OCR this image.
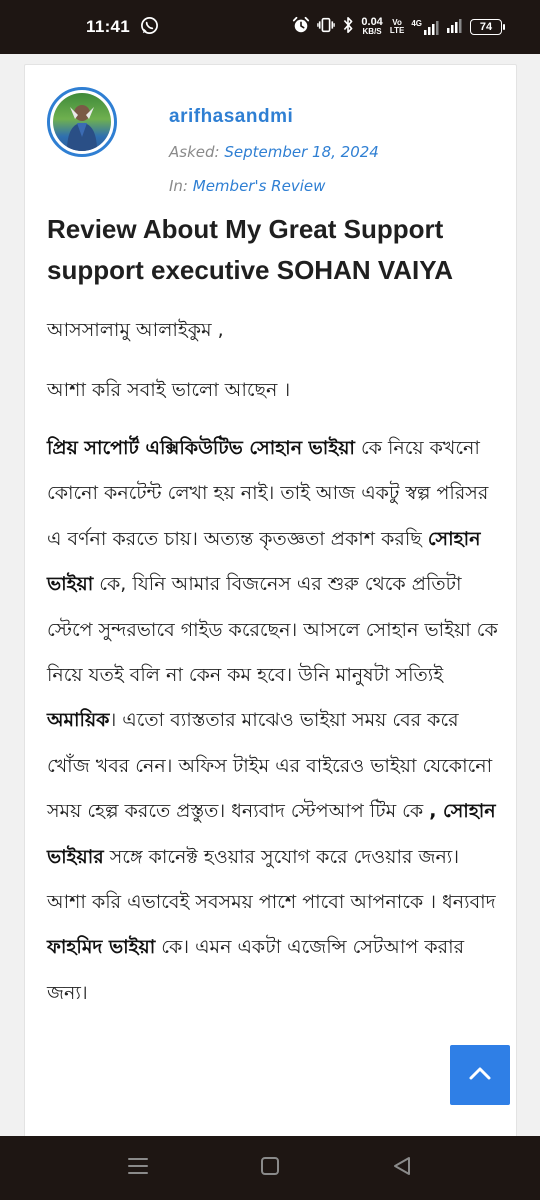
11:41	0.04
KB/S
Vo
LTE
4G	74
arifhasandmi
Asked: September 18, 2024
In: Member's Review
Review About My Great Support support executive SOHAN VAIYA

আসসালামু আলাইকুম ,

আশা করি সবাই ভালো আছেন ।

প্রিয় সাপোর্ট এক্সিকিউটিভ সোহান ভাইয়া কে নিয়ে কখনো কোনো কনটেন্ট লেখা হয় নাই। তাই আজ একটু স্বল্প পরিসর এ বর্ণনা করতে চায়। অত্যন্ত কৃতজ্ঞতা প্রকাশ করছি সোহান ভাইয়া কে, যিনি আমার বিজনেস এর শুরু থেকে প্রতিটা স্টেপে সুন্দরভাবে গাইড করেছেন। আসলে সোহান ভাইয়া কে নিয়ে যতই বলি না কেন কম হবে। উনি মানুষটা সত্যিই অমায়িক। এতো ব্যাস্ততার মাঝেও ভাইয়া সময় বের করে খোঁজ খবর নেন। অফিস টাইম এর বাইরেও ভাইয়া যেকোনো সময় হেল্প করতে প্রস্তুত। ধন্যবাদ স্টেপআপ টিম কে , সোহান ভাইয়ার সঙ্গে কানেক্ট হওয়ার সুযোগ করে দেওয়ার জন্য। আশা করি এভাবেই সবসময় পাশে পাবো আপনাকে । ধন্যবাদ ফাহমিদ ভাইয়া কে। এমন একটা এজেন্সি সেটআপ করার জন্য।
